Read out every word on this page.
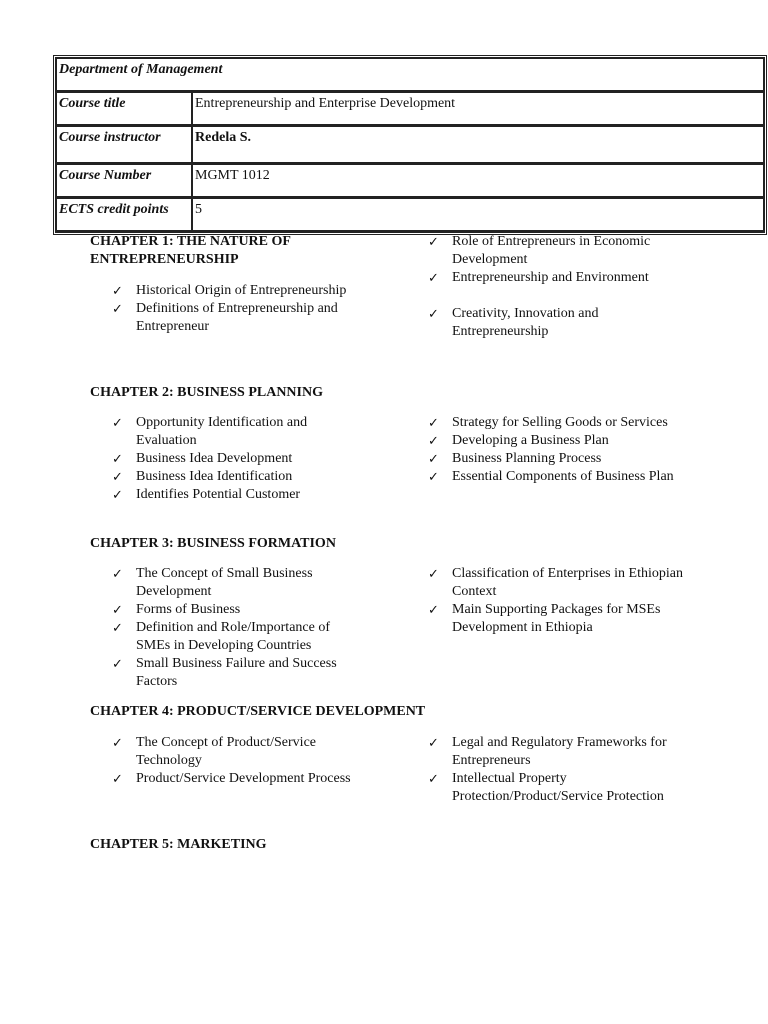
Department of Management	
Course title	Entrepreneurship and Enterprise Development
Course instructor	Redela S.
Course Number	MGMT 1012
ECTS credit points	5
CHAPTER 1: THE NATURE OF ENTREPRENEURSHIP
✓ Historical Origin of Entrepreneurship
✓ Definitions of Entrepreneurship and Entrepreneur
✓ Role of Entrepreneurs in Economic Development
✓ Entrepreneurship and Environment
✓ Creativity, Innovation and Entrepreneurship
CHAPTER 2: BUSINESS PLANNING
✓ Opportunity Identification and Evaluation
✓ Business Idea Development
✓ Business Idea Identification
✓ Identifies Potential Customer
✓ Strategy for Selling Goods or Services
✓ Developing a Business Plan
✓ Business Planning Process
✓ Essential Components of Business Plan
CHAPTER 3: BUSINESS FORMATION
✓ The Concept of Small Business Development
✓ Forms of Business
✓ Definition and Role/Importance of SMEs in Developing Countries
✓ Small Business Failure and Success Factors
✓ Classification of Enterprises in Ethiopian Context
✓ Main Supporting Packages for MSEs Development in Ethiopia
CHAPTER 4: PRODUCT/SERVICE DEVELOPMENT
✓ The Concept of Product/Service Technology
✓ Product/Service Development Process
✓ Legal and Regulatory Frameworks for Entrepreneurs
✓ Intellectual Property Protection/Product/Service Protection
CHAPTER 5: MARKETING
